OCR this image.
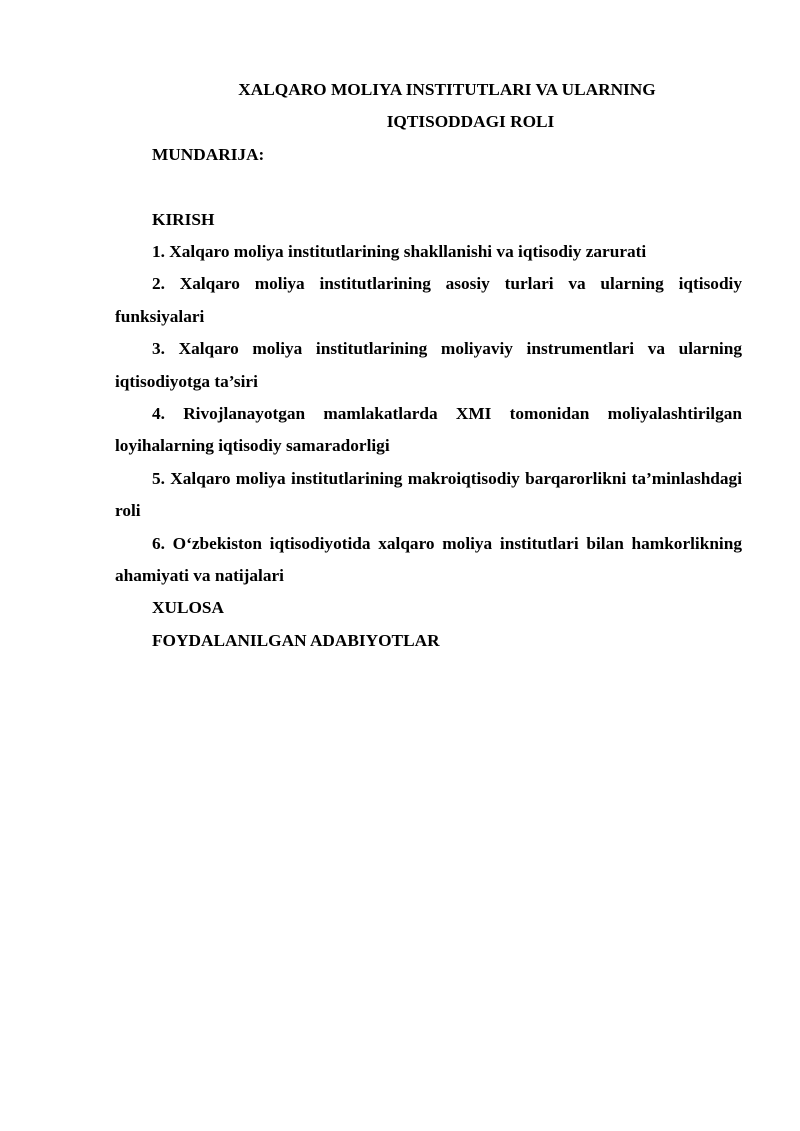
XALQARO MOLIYA INSTITUTLARI VA ULARNING
IQTISODDAGI ROLI

MUNDARIJA:

KIRISH

1. Xalqaro moliya institutlarining shakllanishi va iqtisodiy zarurati

2. Xalqaro moliya institutlarining asosiy turlari va ularning iqtisodiy funksiyalari

3. Xalqaro moliya institutlarining moliyaviy instrumentlari va ularning iqtisodiyotga ta’siri

4. Rivojlanayotgan mamlakatlarda XMI tomonidan moliyalashtirilgan loyihalarning iqtisodiy samaradorligi

5. Xalqaro moliya institutlarining makroiqtisodiy barqarorlikni ta’minlashdagi roli

6. O‘zbekiston iqtisodiyotida xalqaro moliya institutlari bilan hamkorlikning ahamiyati va natijalari

XULOSA

FOYDALANILGAN ADABIYOTLAR
